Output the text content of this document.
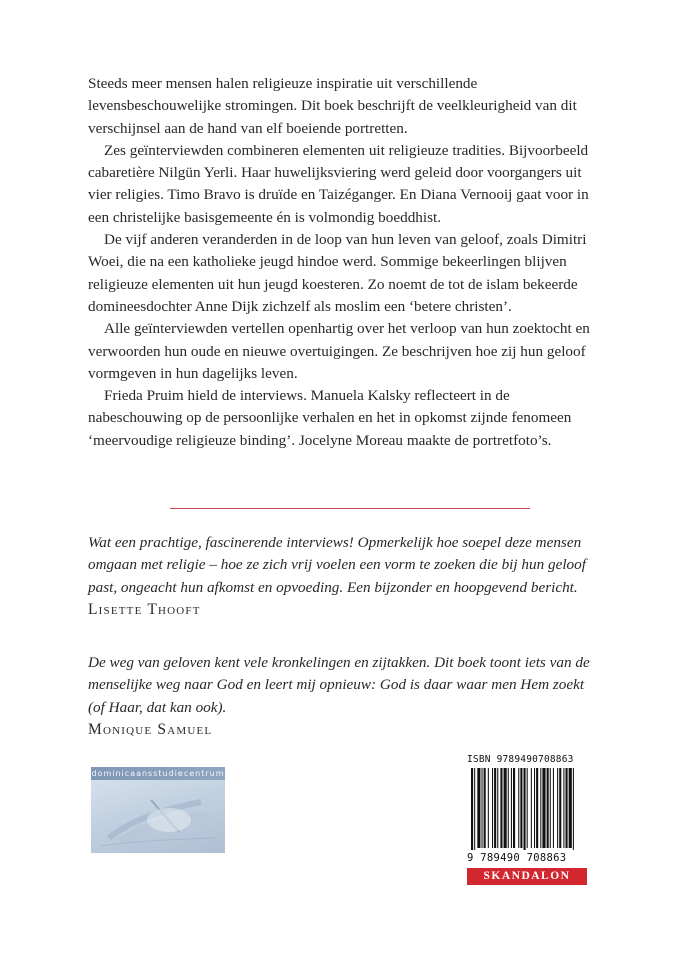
Steeds meer mensen halen religieuze inspiratie uit verschillende levensbeschouwelijke stromingen. Dit boek beschrijft de veelkleurigheid van dit verschijnsel aan de hand van elf boeiende portretten.

Zes geïnterviewden combineren elementen uit religieuze tradities. Bijvoorbeeld cabaretière Nilgün Yerli. Haar huwelijksviering werd geleid door voorgangers uit vier religies. Timo Bravo is druïde en Taizéganger. En Diana Vernooij gaat voor in een christelijke basisgemeente én is volmondig boeddhist.

De vijf anderen veranderden in de loop van hun leven van geloof, zoals Dimitri Woei, die na een katholieke jeugd hindoe werd. Sommige bekeerlingen blijven religieuze elementen uit hun jeugd koesteren. Zo noemt de tot de islam bekeerde domineesdochter Anne Dijk zichzelf als moslim een ‘betere christen’.

Alle geïnterviewden vertellen openhartig over het verloop van hun zoektocht en verwoorden hun oude en nieuwe overtuigingen. Ze beschrijven hoe zij hun geloof vormgeven in hun dagelijks leven.

Frieda Pruim hield de interviews. Manuela Kalsky reflecteert in de nabeschouwing op de persoonlijke verhalen en het in opkomst zijnde fenomeen ‘meervoudige religieuze binding’. Jocelyne Moreau maakte de portretfoto’s.

Wat een prachtige, fascinerende interviews! Opmerkelijk hoe soepel deze mensen omgaan met religie – hoe ze zich vrij voelen een vorm te zoeken die bij hun geloof past, ongeacht hun afkomst en opvoeding. Een bijzonder en hoopgevend bericht.
Lisette Thooft
De weg van geloven kent vele kronkelingen en zijtakken. Dit boek toont iets van de menselijke weg naar God en leert mij opnieuw: God is daar waar men Hem zoekt (of Haar, dat kan ook).
Monique Samuel
dominicaansstudiecentrum
ISBN 9789490708863
9 789490 708863
SKANDALON
